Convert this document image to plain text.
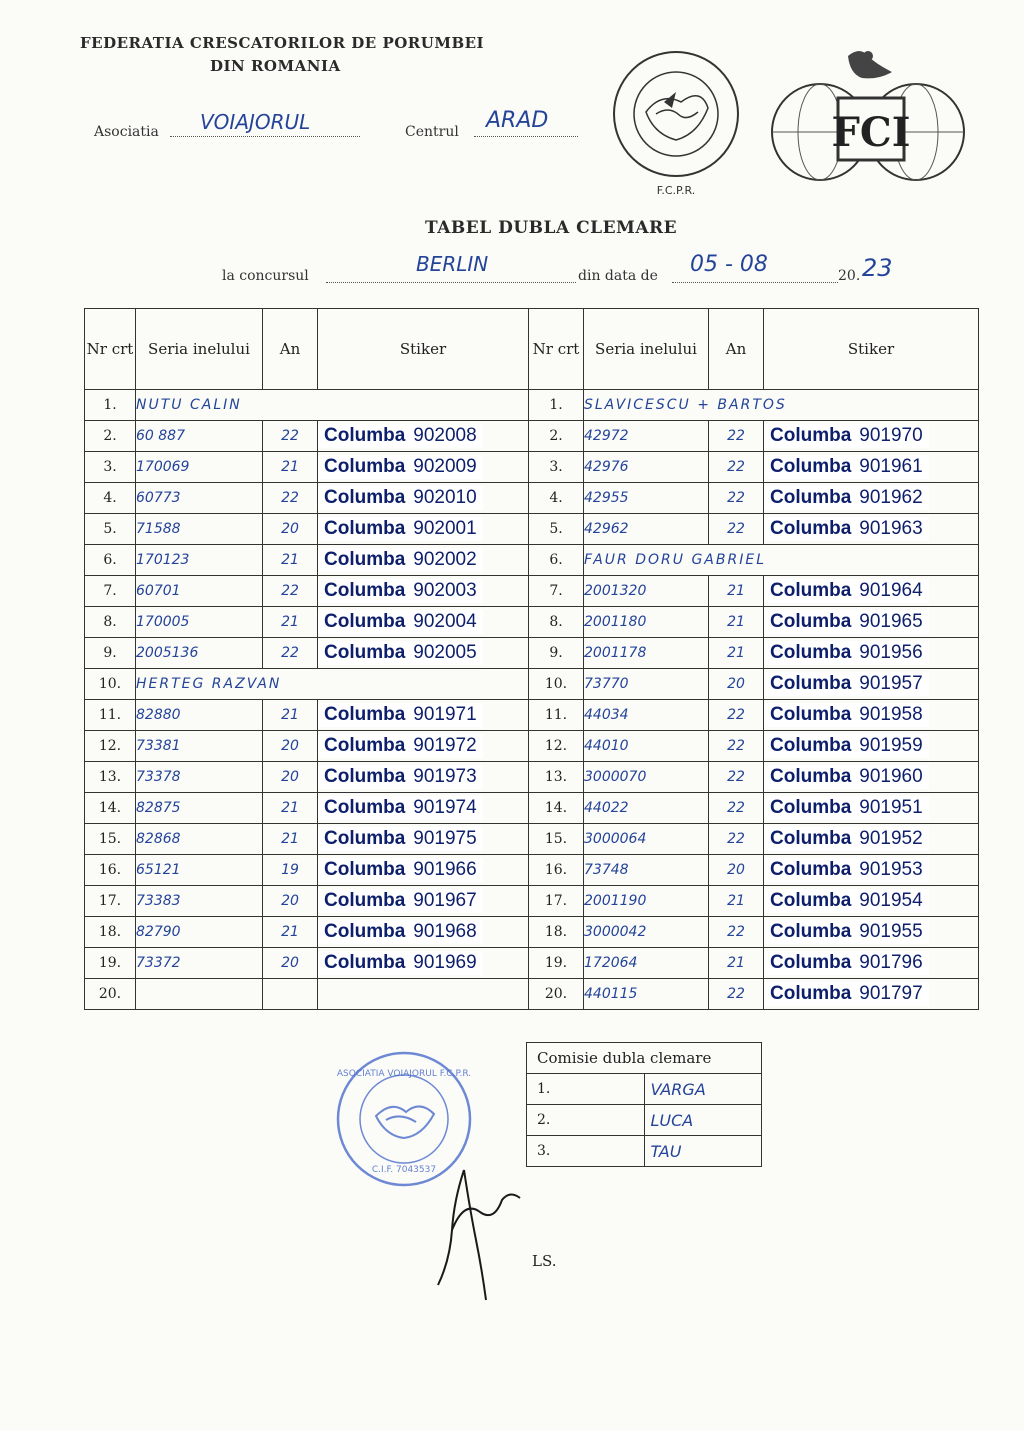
FEDERATIA CRESCATORILOR DE PORUMBEI
DIN ROMANIA
Asociatia VOIAJORUL	Centrul ARAD
F.C.P.R.
FCI
TABEL DUBLA CLEMARE
la concursul	BERLIN	din data de 05 - 08	20. 23
Nr crt	Seria inelului	An	Stiker	Nr crt	Seria inelului	An	Stiker
1.	NUTU CALIN			1.	SLAVICESCU + BARTOS		
2.	60 887	22	Columba 902008	2.	42972	22	Columba 901970
3.	170069	21	Columba 902009	3.	42976	22	Columba 901961
4.	60773	22	Columba 902010	4.	42955	22	Columba 901962
5.	71588	20	Columba 902001	5.	42962	22	Columba 901963
6.	170123	21	Columba 902002	6.	FAUR DORU GABRIEL		
7.	60701	22	Columba 902003	7.	2001320	21	Columba 901964
8.	170005	21	Columba 902004	8.	2001180	21	Columba 901965
9.	2005136	22	Columba 902005	9.	2001178	21	Columba 901956
10.	HERTEG RAZVAN			10.	73770	20	Columba 901957
11.	82880	21	Columba 901971	11.	44034	22	Columba 901958
12.	73381	20	Columba 901972	12.	44010	22	Columba 901959
13.	73378	20	Columba 901973	13.	3000070	22	Columba 901960
14.	82875	21	Columba 901974	14.	44022	22	Columba 901951
15.	82868	21	Columba 901975	15.	3000064	22	Columba 901952
16.	65121	19	Columba 901966	16.	73748	20	Columba 901953
17.	73383	20	Columba 901967	17.	2001190	21	Columba 901954
18.	82790	21	Columba 901968	18.	3000042	22	Columba 901955
19.	73372	20	Columba 901969	19.	172064	21	Columba 901796
20.				20.	440115	22	Columba 901797
Comisie dubla clemare	
1.	VARGA
2.	LUCA
3.	TAU
ASOCIATIA VOIAJORUL F.C.P.R.
C.I.F. 7043537
LS.
